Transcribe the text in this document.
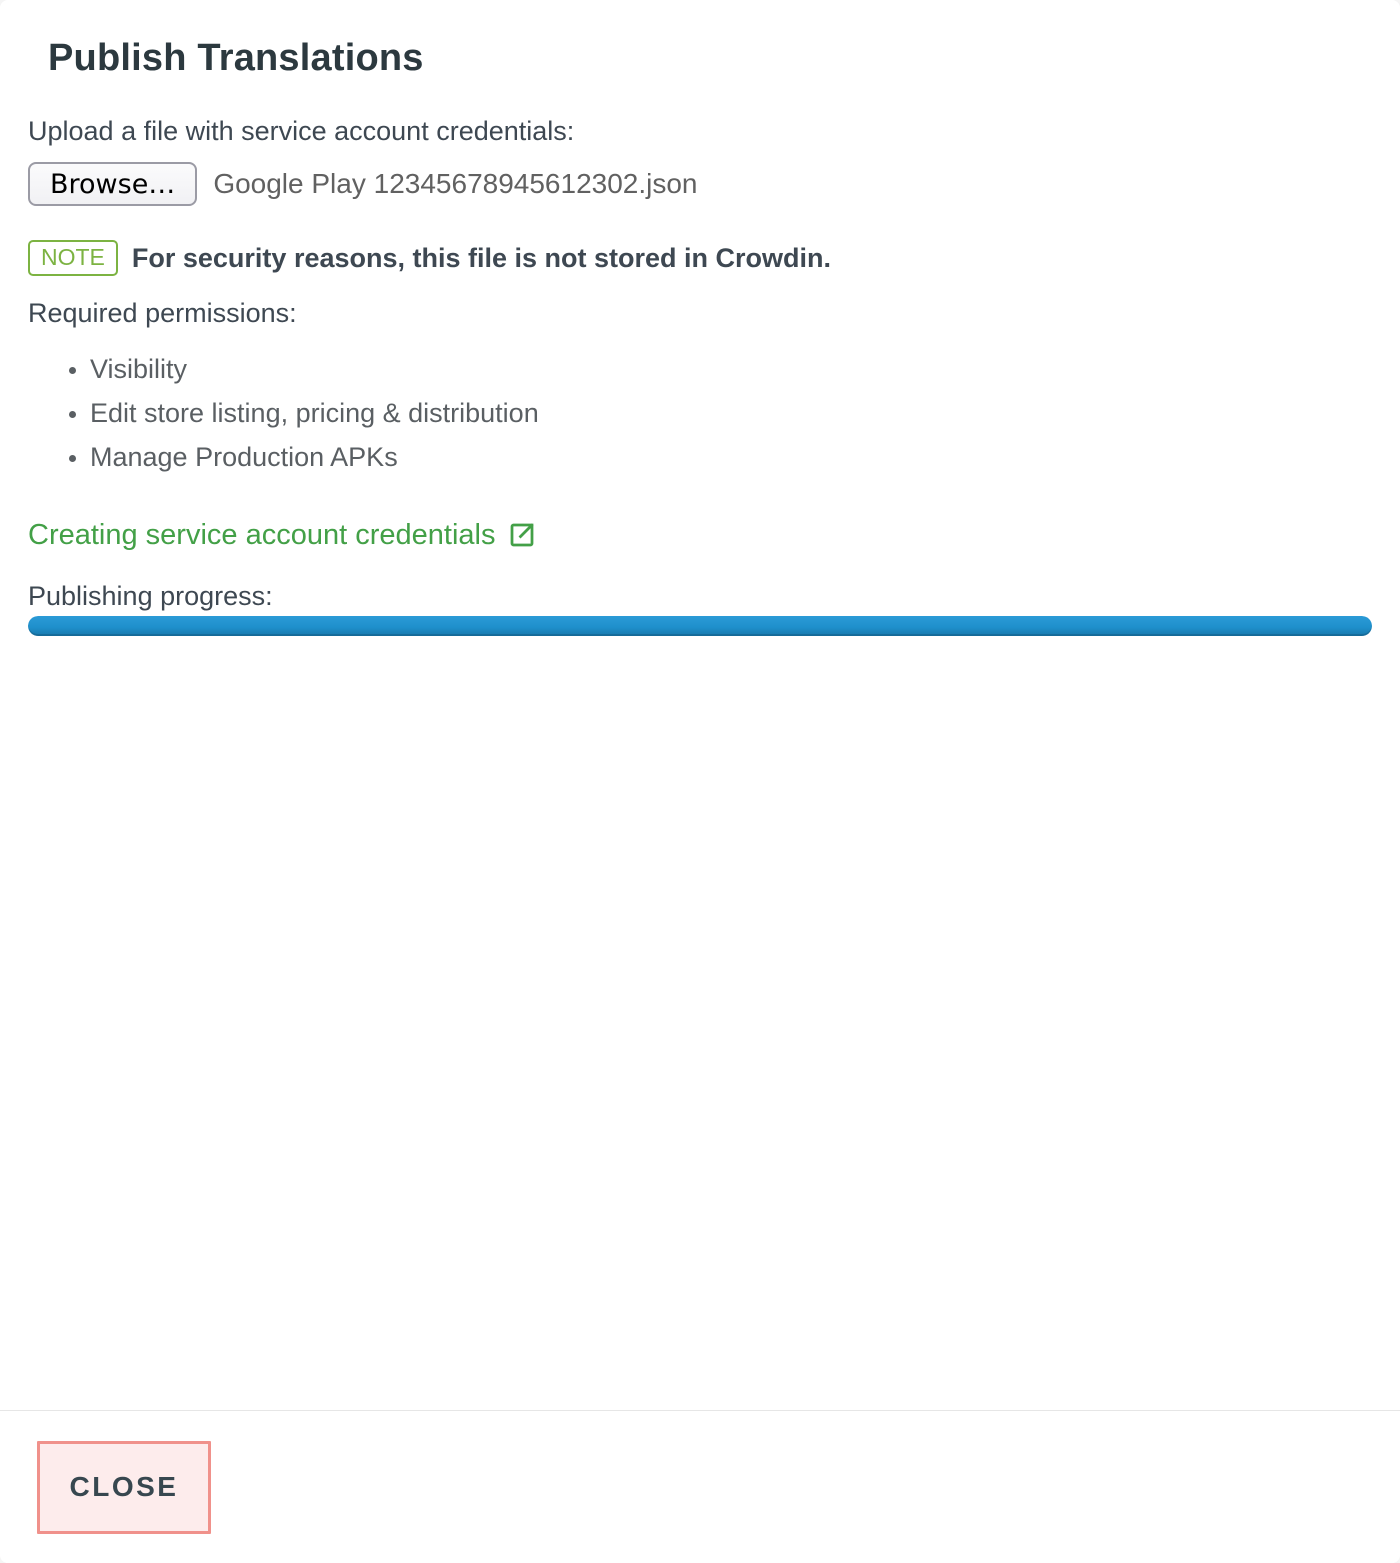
Publish Translations

Upload a file with service account credentials:

Browse…	Google Play 12345678945612302.json
NOTE	For security reasons, this file is not stored in Crowdin.

Required permissions:

• Visibility
• Edit store listing, pricing & distribution
• Manage Production APKs
Creating service account credentials

Publishing progress:

CLOSE
